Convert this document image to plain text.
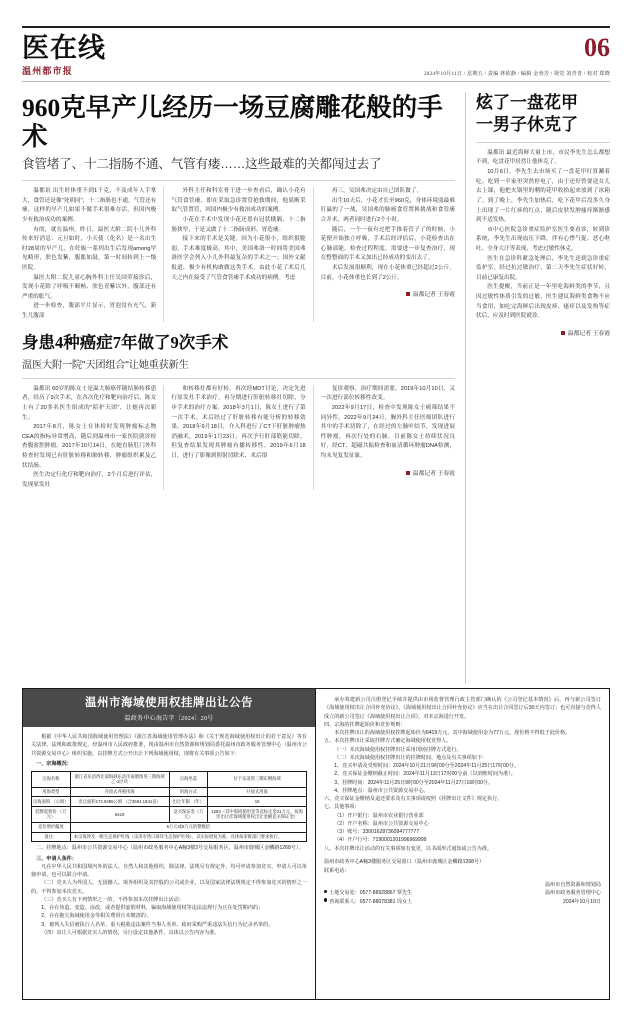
医在线
温州都市报
06
2024年10月11日 / 星期五 / 责编 林依静 / 编辑 金蓉芳 / 视觉 刘青青 / 校对 郑晓
960克早产儿经历一场豆腐雕花般的手术
食管堵了、十二指肠不通、气管有瘘……这些最难的关都闯过去了

温都讯 出生时体重不到1千克，不及成年人手掌大，食管还是像"死胡同"，十二指肠也不通，气管还有瘘，这样的早产儿如果不做手术很难存活，但国内极少有救治成功的案例。

有的，就在温州。昨日，温医大附二院小儿外科传来好消息：元旦如时，小天使（化名）是一名出生时28周的早产儿，在妊娠一系列出生后发现among罕见畸形，肤色发紫，腹胀如鼓，第一时间转到上一级医院。

温医大附二院儿童心胸外科主任吴国荣接诊后，发现小花除了呼吸不顺畅、肤色青紫以外，腹部还有严重的胀气。

进一步检查，腹部平片显示，胃泡没有充气，新生儿腹部

外科主任和科室骨干进一步查看后，确认小花有气管食管瘘，即在采取急诊置管抢救期间，他果断采取气管置管，回国内极少有救治成功的案例。

小花在手术中发现小花还患有冠状横膈，十二指肠狭窄，于是又做了十二指肠成形、胃造瘘。

接下来的手术是关键。因为小花很小，组织很脆弱，手术难度极高，其中，美国弗洛一时间将美国弗洛医学会列入小儿外科最复杂的手术之一；国外文献报道，极少有机构敢做这类手术，由此小花了术后几天之内在接受了气管食管瘘手术成功的病例。考虑

再三，吴国弗决定由自己团队做了。

出生10天后，小花才长至960克，身体环境弱最难打赢的了一战，吴国弗的肺癌食管置换挑战和食管瘘合并术，两者同时进行2个小时。

随后，一个一夜有过把手推着管子了的时候，小花便开始独立呼吸，手术后经评估后，小花检查出在心肺部能，检查过程程度，需要进一步复查治疗，现在整整面的手术又加出已经成功的变出去了。

术后发展很顺利，现在小花体重已经超过2公斤。目前，小花体重也长到了2公斤。

温都记者 王春霞
身患4种癌症7年做了9次手术
温医大附一院"天团组合"让她重获新生

温都讯 60岁的陈女士是温大肠癌伴随结肠转移患者，经历了9次手术，在各次化疗和靶向治疗后，陈女士有了20多名医生组成的"陪护天团"，让她再次新生。

2017年8月，陈女士在体检时发现肿瘤标志物CEA的指标异常增高，随后到温州市一家医院就诊检查腹盆腔肿瘤。2017年10月14日，在她直肠肛门外科检查时发现已有肝脏转移和肺转移，肿瘤组织累及乙状结肠。

医生决定行化疗和靶向治疗，2个月后进行评估，发现原发灶

和转移灶都有好转，再次经MDT讨论，决定先进行原发灶手术治疗，再分期进行肝脏转移灶切除，分步手术的治疗方案。2018年3月1日，陈女士进行了第一次手术，术后经过了肝脏转移有能分析的转移效果，2018年9月18日，介入科进行了CT下肝脏肿瘤热消融术。2019年1月23日，再次予行肝部筋能切除，但复查结果发现其肿瘤有播转移性。2019年6月18日，进行了影像到照射切除术，术后很

复诊观察，治疗期间需要，2019年10月10日，又一次进行部位转移性改变。

2022年9月17日，检查中发现陈女士癌筛结果不同异性，2022年9月24日，胸外科主任医师团队进行其中的手术切除了，在经过的左肺叶结节，发现进展性肿瘤，再次行处的右肺，目前陈女士持续状况良好，经CT、超磁共振检查和血清循环肿瘤DNA检测，均未见复发征象。

温都记者 王春霞
炫了一盘花甲
一男子休克了

温都讯 最近海鲜大量上市，市民李先生怎么都想不到，吃盘花甲居然让他休克了。

10月6日，李先生去市场买了一盘花甲打算涮着吃。吃到一半家里突然停电了，由于还好曾要送女儿去上课，他把火锅里的剩的花甲收拾起来放到了冰箱了。到了晚上，李先生加热后，吃下花甲后没多久身上出现了一片红疹的红点，随后皮肤发肿瘙痒渐渐感到不适发热。

市中心医院急诊重症监护室医生要看诊，转到诊系统，李先生出现血压下降，伴有心悸气促、恶心呕吐、全身大汗等表现，考虑过敏性休克。

医生在急诊科紧急处理后，李先生送到急诊重症监护室，经过抗过敏治疗，第二天李先生症状好转，目前已康复出院。

医生提醒，当前正是一年里吃海鲜类的季节，且因过敏性体质引发的过敏，医生建议海鲜类食物不应当食用，如吃完海鲜后出现皮疹、瘙痒以及发热等症状后，应及时到医院就诊。

温都记者 王春霞
温州市海域使用权挂牌出让公告
温政务中心海告字〔2024〕20号

根据《中华人民共和国海域使用管理法》《浙江省海域使用管理办法》和《关于规范海域使用权出让的若干意见》等有关法律、法规和政策规定，经温州市人民政府批准，现由温州市自然资源和规划局委托温州市政务服务管理中心（温州市公共资源交易中心）组织实施，以挂牌方式公开出让下列海域使用权，现将有关事项公告如下：

一、宗海概况：

宗海名称	浙江省乐清湾北部海域乐清市南塘围垦三期海域乙-2区块	宗海坐落	位于乐清湾三期东侧海域
用海类型	开放式养殖用海	用海方式	开放式用海
宗海面积 （公顷）	出让面积172.9495公顷 （合2594.1841亩）	出让年限 （年）	15
挂牌起始价 （万元）	6419	竞买保证金（万元）	1283（其中海域使用金等竞标定金21万元，按海洋出让挂海域使用权出让金额竞买保证金）
竞价增价幅度	5万元或5万元的整数倍		
备注：	本宗海涉及一级生态保护红线（乐清市湾口海洋生态保护红线），以实际批复为准，具体按审批部门要求执行。		

二、挂牌地点：温州市公共资源交易中心（温州市政务服务中心A幢3楼3号交易服务区，温州市鹿城区金鳞路1268号）。

三、申请人条件：

凡在中华人民共和国境内外的法人、自然人和其他组织，除法律、法规另有规定外，均可申请参加竞买，申请人可以单独申请，也可以联合申请。

（二）竞买人为外国人、无国籍人、境外组织及其控股的公司或企业，以及国家法律法规规定不得参加竞买的情形之一的，不得参加本次竞买。

（三）竞买人有下列情形之一的，不得参加本次挂牌出让活动：

1、存在伪造、变造、涂改，或者提供虚假材料，骗取海域使用权等违法违规行为且在处罚期内的；

2、存在拖欠海域使用金等相关费用且未缴清的；

3、被列入失信被执行人名单、重大税收违法案件当事人名单、政府采购严重违法失信行为记录名单的。

（四）出让人可根据竞买人的情况，另行设定其他条件，具体以公告内容为准。

承办筹建新公司注册登记手续并提供由市场监督管理行政主管部门确认的《公司登记基本情况》后，再与新公司签订《海域使用权出让合同补充协议》。《海域使用权出让合同补充协议》应当在出让合同签订后30天内签订；也可直接与竞得人成立的新公司签订《海域使用权出让合同》，对本宗海进行开发。

四、宗海的挂牌起始价和竞价规则：

本次挂牌出让的海域使用权挂牌起始价为6419万元，其中海域使用金为77万元，现价格不得低于此价格。

五、本次挂牌出让采取挂牌方式确定海域使用权竞得人。

（一）本次海域使用权挂牌出让采用现场挂牌方式进行。

（二）本次海域使用权挂牌出让的挂牌时间、地点及有关事项如下：

1、竞买申请及受理时间：2024年10月21日9时00分至2024年11月25日17时00分。

2、竞买保证金缴纳截止时间：2024年11月13日17时00分前（以到账时间为准）。

3、挂牌时间：2024年11月25日9时00分至2024年11月27日16时00分。

4、挂牌地点：温州市公共资源交易中心。

六、竞买保证金缴纳及退还要求及有关事项请按照《挂牌出让文件》规定执行。

七、其他事项：

（1）开户银行：温州市农业银行营业部

（2）开户名称：温州市公共资源交易中心

（3）账号：33001628736094777777

（4）开户行号：7190001201996969999

八、本次挂牌出让活动的有关事项如有变更，以书面形式通知或公告为准。

温州市政务中心A幢3楼服务区交易窗口（温州市鹿城区金鳞路1268号）
联系电话：
土地交易处：0577-88928867 覃先生
咨询联系人：0577-88078381 周女士
温州市自然资源和规划局
温州市政务服务管理中心
2024年10月10日
